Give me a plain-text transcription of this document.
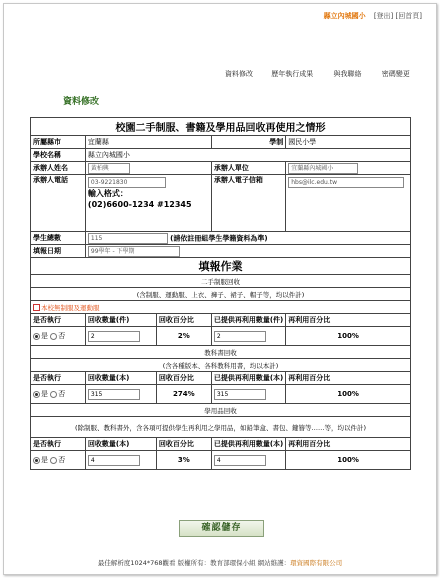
縣立內城國小 [登出] [回首頁]
資料修改	歷年執行成果	與我聯絡	密碼變更
資料修改
校園二手制服、書籍及學用品回收再使用之情形				
所屬縣市	宜蘭縣		學制	國民小學
學校名稱	縣立內城國小			
承辦人姓名	黃柏興		承辦人單位	宜蘭縣內城國小
承辦人電話	03-9221830
輸入格式：
(02)6600-1234 #12345		承辦人電子信箱	hbs@ilc.edu.tw
學生總數	115 (請依註冊組學生學籍資料為準)			
填報日期	99學年 - 下學期			
填報作業				
二手制服回收				
(含制服、運動服、上衣、褲子、裙子、帽子等，均以件計)				
本校無制服及運動服				
是否執行	回收數量(件)	回收百分比	已提供再利用數量(件)	再利用百分比
是 否	2	2%	2	100%
教科書回收				
(含各種版本、各科教科用書，均以本計)				
是否執行	回收數量(本)	回收百分比	已提供再利用數量(本)	再利用百分比
是 否	315	274%	315	100%
學用品回收				
(除制服、教科書外，含各項可提供學生再利用之學用品，如鉛筆盒、書包、鍵簪等……等，均以件計)				
是否執行	回收數量(本)	回收百分比	已提供再利用數量(本)	再利用百分比
是 否	4	3%	4	100%
確認儲存
最佳解析度1024*768觀看 版權所有：教育部環保小組 網站維護：環資國際有限公司
